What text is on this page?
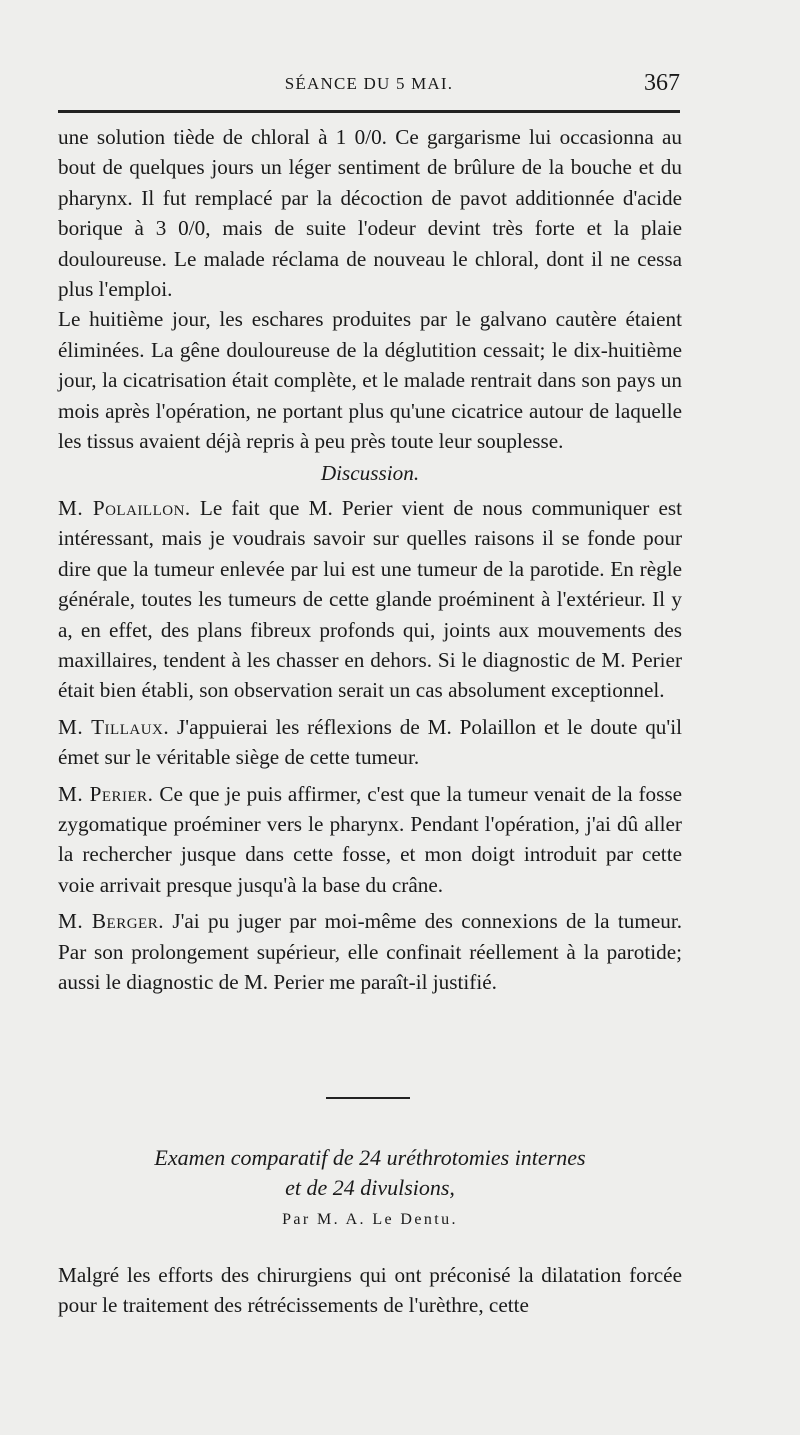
SÉANCE DU 5 MAI.	367

une solution tiède de chloral à 1 0/0. Ce gargarisme lui occasionna au bout de quelques jours un léger sentiment de brûlure de la bouche et du pharynx. Il fut remplacé par la décoction de pavot additionnée d'acide borique à 3 0/0, mais de suite l'odeur devint très forte et la plaie douloureuse. Le malade réclama de nouveau le chloral, dont il ne cessa plus l'emploi.

Le huitième jour, les eschares produites par le galvano cautère étaient éliminées. La gêne douloureuse de la déglutition cessait; le dix-huitième jour, la cicatrisation était complète, et le malade rentrait dans son pays un mois après l'opération, ne portant plus qu'une cicatrice autour de laquelle les tissus avaient déjà repris à peu près toute leur souplesse.

Discussion.

M. Polaillon. Le fait que M. Perier vient de nous communiquer est intéressant, mais je voudrais savoir sur quelles raisons il se fonde pour dire que la tumeur enlevée par lui est une tumeur de la parotide. En règle générale, toutes les tumeurs de cette glande proéminent à l'extérieur. Il y a, en effet, des plans fibreux profonds qui, joints aux mouvements des maxillaires, tendent à les chasser en dehors. Si le diagnostic de M. Perier était bien établi, son observation serait un cas absolument exceptionnel.

M. Tillaux. J'appuierai les réflexions de M. Polaillon et le doute qu'il émet sur le véritable siège de cette tumeur.

M. Perier. Ce que je puis affirmer, c'est que la tumeur venait de la fosse zygomatique proéminer vers le pharynx. Pendant l'opération, j'ai dû aller la rechercher jusque dans cette fosse, et mon doigt introduit par cette voie arrivait presque jusqu'à la base du crâne.

M. Berger. J'ai pu juger par moi-même des connexions de la tumeur. Par son prolongement supérieur, elle confinait réellement à la parotide; aussi le diagnostic de M. Perier me paraît-il justifié.

Examen comparatif de 24 uréthrotomies internes
et de 24 divulsions,
Par M. A. Le Dentu.

Malgré les efforts des chirurgiens qui ont préconisé la dilatation forcée pour le traitement des rétrécissements de l'urèthre, cette
